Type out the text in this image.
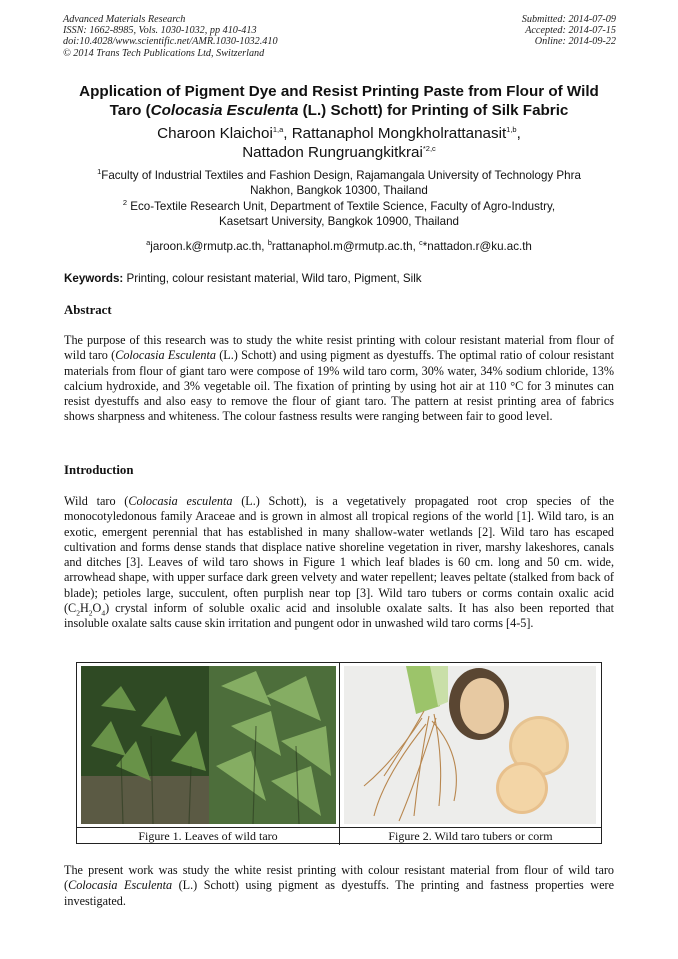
Advanced Materials Research
ISSN: 1662-8985, Vols. 1030-1032, pp 410-413
doi:10.4028/www.scientific.net/AMR.1030-1032.410
© 2014 Trans Tech Publications Ltd, Switzerland
Submitted: 2014-07-09
Accepted: 2014-07-15
Online: 2014-09-22
Application of Pigment Dye and Resist Printing Paste from Flour of Wild
Taro (Colocasia Esculenta (L.) Schott) for Printing of Silk Fabric
Charoon Klaichoi$^{1,a}$, Rattanaphol Mongkholrattanasit$^{1,b}$,
Nattadon Rungruangkitkrai$^{*2,c}$
$^1$Faculty of Industrial Textiles and Fashion Design, Rajamangala University of Technology Phra
Nakhon, Bangkok 10300, Thailand
$^2$ Eco-Textile Research Unit, Department of Textile Science, Faculty of Agro-Industry,
Kasetsart University, Bangkok 10900, Thailand
$^a$jaroon.k@rmutp.ac.th, $^b$rattanaphol.m@rmutp.ac.th, $^c$*nattadon.r@ku.ac.th
Keywords: Printing, colour resistant material, Wild taro, Pigment, Silk
Abstract
The purpose of this research was to study the white resist printing with colour resistant material from flour of wild taro (Colocasia Esculenta (L.) Schott) and using pigment as dyestuffs. The optimal ratio of colour resistant materials from flour of giant taro were compose of 19% wild taro corm, 30% water, 34% sodium chloride, 13% calcium hydroxide, and 3% vegetable oil. The fixation of printing by using hot air at 110 °C for 3 minutes can resist dyestuffs and also easy to remove the flour of giant taro. The pattern at resist printing area of fabrics shows sharpness and whiteness. The colour fastness results were ranging between fair to good level.
Introduction
Wild taro (Colocasia esculenta (L.) Schott), is a vegetatively propagated root crop species of the monocotyledonous family Araceae and is grown in almost all tropical regions of the world [1]. Wild taro, is an exotic, emergent perennial that has established in many shallow-water wetlands [2]. Wild taro has escaped cultivation and forms dense stands that displace native shoreline vegetation in river, marshy lakeshores, canals and ditches [3]. Leaves of wild taro shows in Figure 1 which leaf blades is 60 cm. long and 50 cm. wide, arrowhead shape, with upper surface dark green velvety and water repellent; leaves peltate (stalked from back of blade); petioles large, succulent, often purplish near top [3]. Wild taro tubers or corms contain oxalic acid $(C_2H_2O_4)$ crystal inform of soluble oxalic acid and insoluble oxalate salts. It has also been reported that insoluble oxalate salts cause skin irritation and pungent odor in unwashed wild taro corms [4-5].
Figure 1. Leaves of wild taro	Figure 2. Wild taro tubers or corm
The present work was study the white resist printing with colour resistant material from flour of wild taro (Colocasia Esculenta (L.) Schott) using pigment as dyestuffs. The printing and fastness properties were investigated.
